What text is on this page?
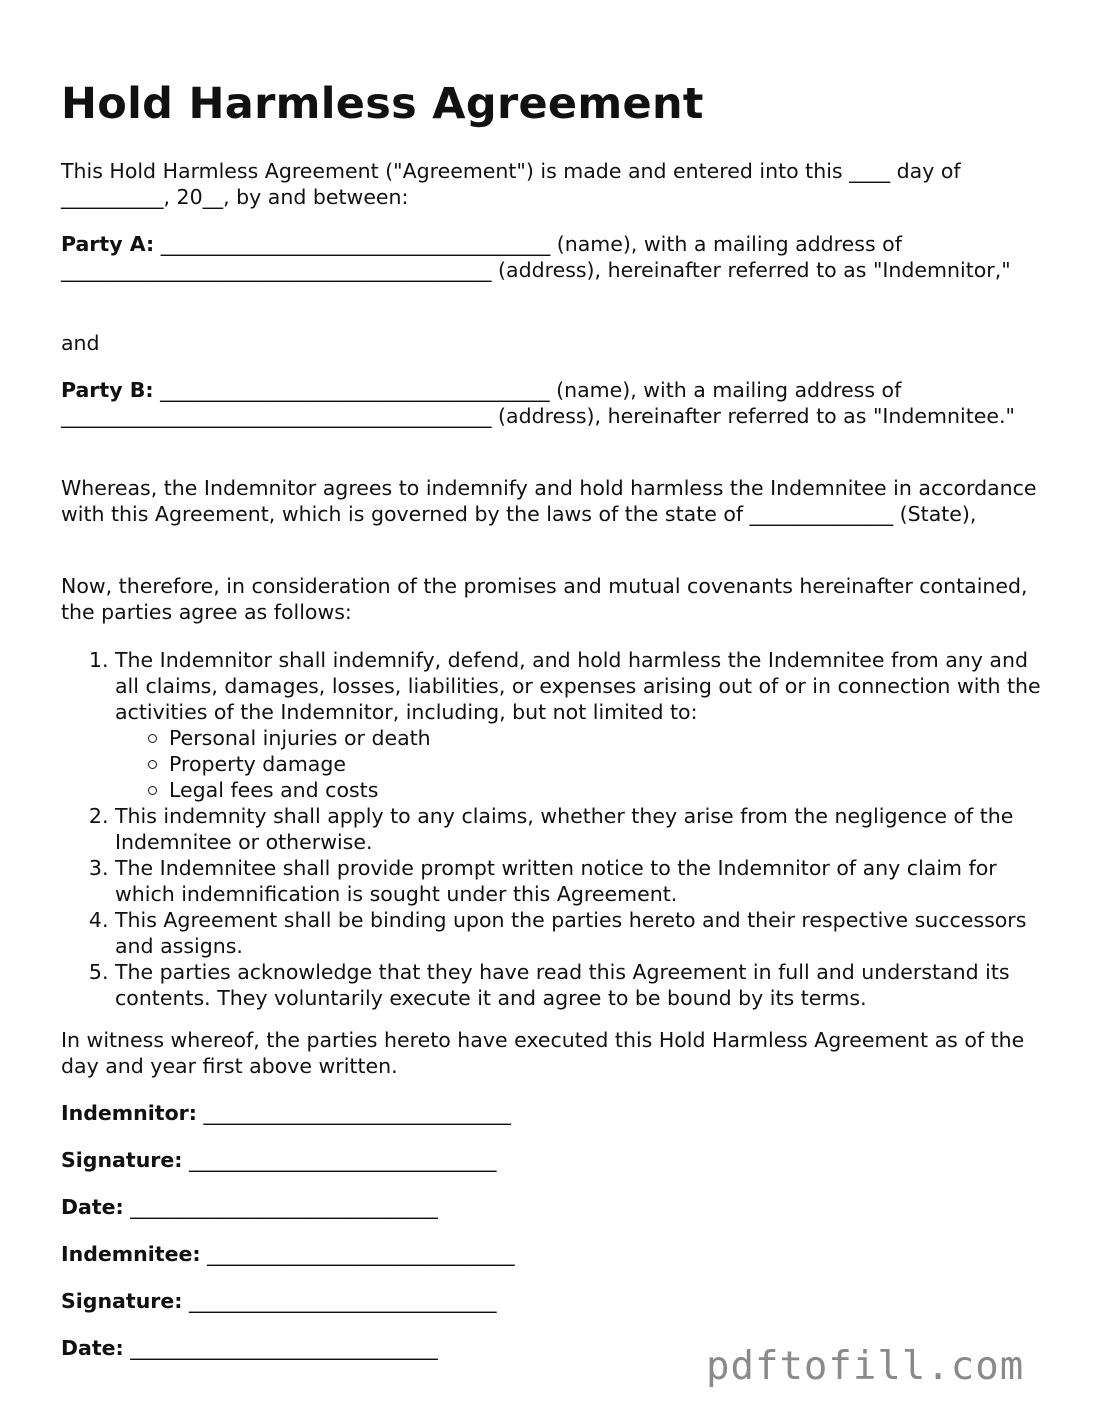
Hold Harmless Agreement

This Hold Harmless Agreement ("Agreement") is made and entered into this ____ day of __________, 20__, by and between:

Party A: ______________________________________ (name), with a mailing address of __________________________________________ (address), hereinafter referred to as "Indemnitor,"

and

Party B: ______________________________________ (name), with a mailing address of __________________________________________ (address), hereinafter referred to as "Indemnitee."

Whereas, the Indemnitor agrees to indemnify and hold harmless the Indemnitee in accordance with this Agreement, which is governed by the laws of the state of ______________ (State),

Now, therefore, in consideration of the promises and mutual covenants hereinafter contained, the parties agree as follows:

1. The Indemnitor shall indemnify, defend, and hold harmless the Indemnitee from any and all claims, damages, losses, liabilities, or expenses arising out of or in connection with the activities of the Indemnitor, including, but not limited to:
Personal injuries or death
Property damage
Legal fees and costs
2. This indemnity shall apply to any claims, whether they arise from the negligence of the Indemnitee or otherwise.
3. The Indemnitee shall provide prompt written notice to the Indemnitor of any claim for which indemnification is sought under this Agreement.
4. This Agreement shall be binding upon the parties hereto and their respective successors and assigns.
5. The parties acknowledge that they have read this Agreement in full and understand its contents. They voluntarily execute it and agree to be bound by its terms.

In witness whereof, the parties hereto have executed this Hold Harmless Agreement as of the day and year first above written.

Indemnitor: ______________________________
Signature: ______________________________
Date: ______________________________
Indemnitee: ______________________________
Signature: ______________________________
Date: ______________________________	pdftofill.com
